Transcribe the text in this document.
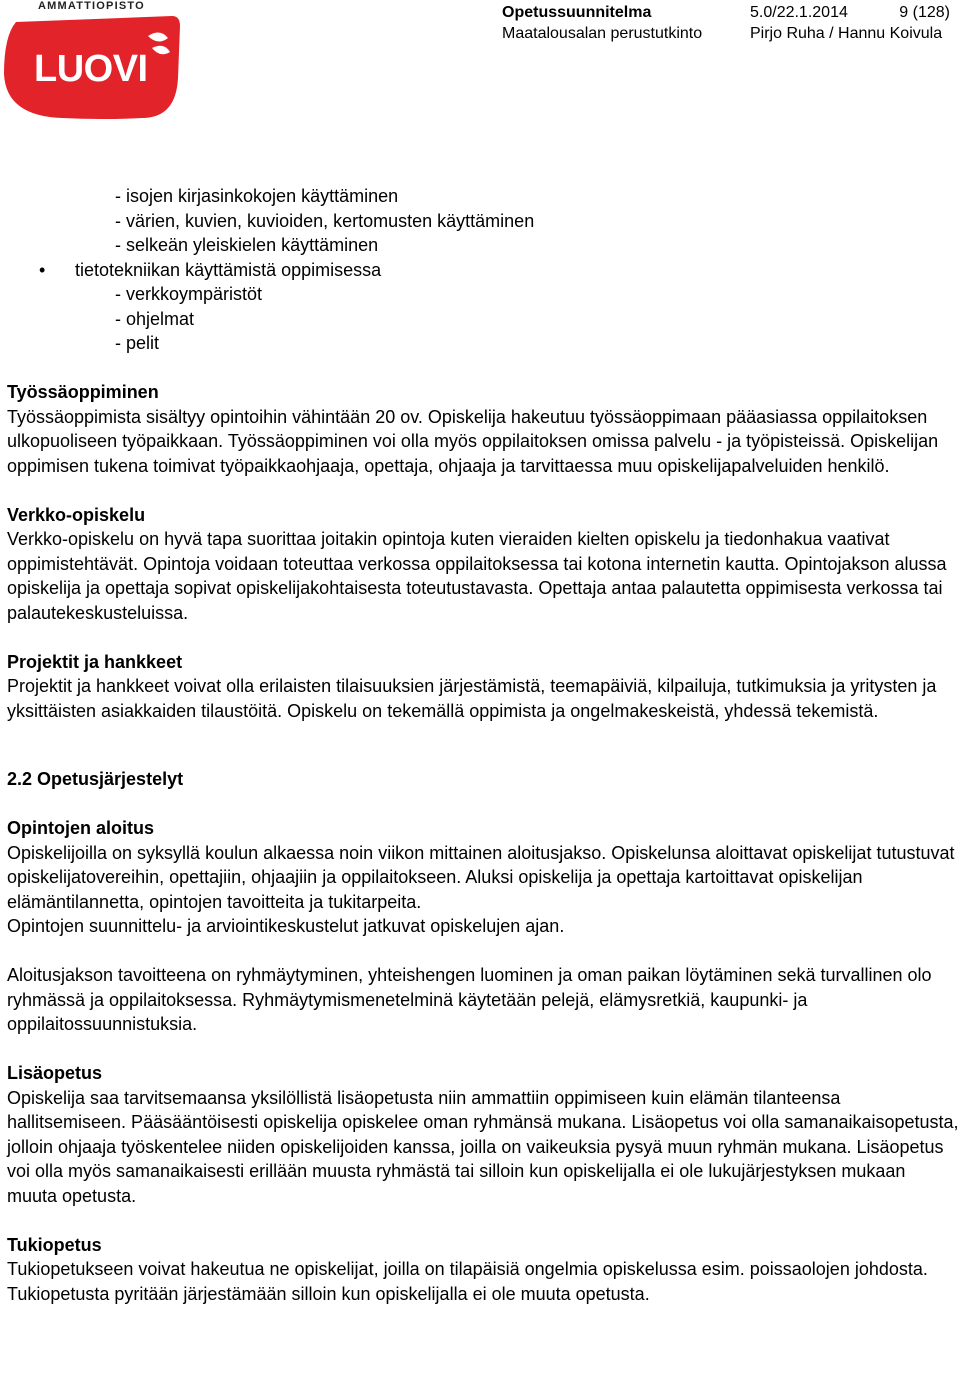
AMMATTIOPISTO
LUOVI
Opetussuunnitelma
Maatalousalan perustutkinto
5.0/22.1.2014	9 (128)
Pirjo Ruha / Hannu Koivula

- isojen kirjasinkokojen käyttäminen

- värien, kuvien, kuvioiden, kertomusten käyttäminen

- selkeän yleiskielen käyttäminen

• tietotekniikan käyttämistä oppimisessa

- verkkoympäristöt

- ohjelmat

- pelit

Työssäoppiminen

Työssäoppimista sisältyy opintoihin vähintään 20 ov. Opiskelija hakeutuu työssäoppimaan pääasiassa oppilaitoksen ulkopuoliseen työpaikkaan. Työssäoppiminen voi olla myös oppilaitoksen omissa palvelu - ja työpisteissä. Opiskelijan oppimisen tukena toimivat työpaikkaohjaaja, opettaja, ohjaaja ja tarvittaessa muu opiskelijapalveluiden henkilö.

Verkko-opiskelu

Verkko-opiskelu on hyvä tapa suorittaa joitakin opintoja kuten vieraiden kielten opiskelu ja tiedonhakua vaativat oppimistehtävät. Opintoja voidaan toteuttaa verkossa oppilaitoksessa tai kotona internetin kautta. Opintojakson alussa opiskelija ja opettaja sopivat opiskelijakohtaisesta toteutustavasta. Opettaja antaa palautetta oppimisesta verkossa tai palautekeskusteluissa.

Projektit ja hankkeet

Projektit ja hankkeet voivat olla erilaisten tilaisuuksien järjestämistä, teemapäiviä, kilpailuja, tutkimuksia ja yritysten ja yksittäisten asiakkaiden tilaustöitä. Opiskelu on tekemällä oppimista ja ongelmakeskeistä, yhdessä tekemistä.

2.2 Opetusjärjestelyt
Opintojen aloitus

Opiskelijoilla on syksyllä koulun alkaessa noin viikon mittainen aloitusjakso. Opiskelunsa aloittavat opiskelijat tutustuvat opiskelijatovereihin, opettajiin, ohjaajiin ja oppilaitokseen. Aluksi opiskelija ja opettaja kartoittavat opiskelijan elämäntilannetta, opintojen tavoitteita ja tukitarpeita.

Opintojen suunnittelu- ja arviointikeskustelut jatkuvat opiskelujen ajan.

Aloitusjakson tavoitteena on ryhmäytyminen, yhteishengen luominen ja oman paikan löytäminen sekä turvallinen olo ryhmässä ja oppilaitoksessa. Ryhmäytymismenetelminä käytetään pelejä, elämysretkiä, kaupunki- ja oppilaitossuunnistuksia.

Lisäopetus

Opiskelija saa tarvitsemaansa yksilöllistä lisäopetusta niin ammattiin oppimiseen kuin elämän tilanteensa hallitsemiseen. Pääsääntöisesti opiskelija opiskelee oman ryhmänsä mukana. Lisäopetus voi olla samanaikaisopetusta, jolloin ohjaaja työskentelee niiden opiskelijoiden kanssa, joilla on vaikeuksia pysyä muun ryhmän mukana. Lisäopetus voi olla myös samanaikaisesti erillään muusta ryhmästä tai silloin kun opiskelijalla ei ole lukujärjestyksen mukaan muuta opetusta.

Tukiopetus

Tukiopetukseen voivat hakeutua ne opiskelijat, joilla on tilapäisiä ongelmia opiskelussa esim. poissaolojen johdosta. Tukiopetusta pyritään järjestämään silloin kun opiskelijalla ei ole muuta opetusta.
